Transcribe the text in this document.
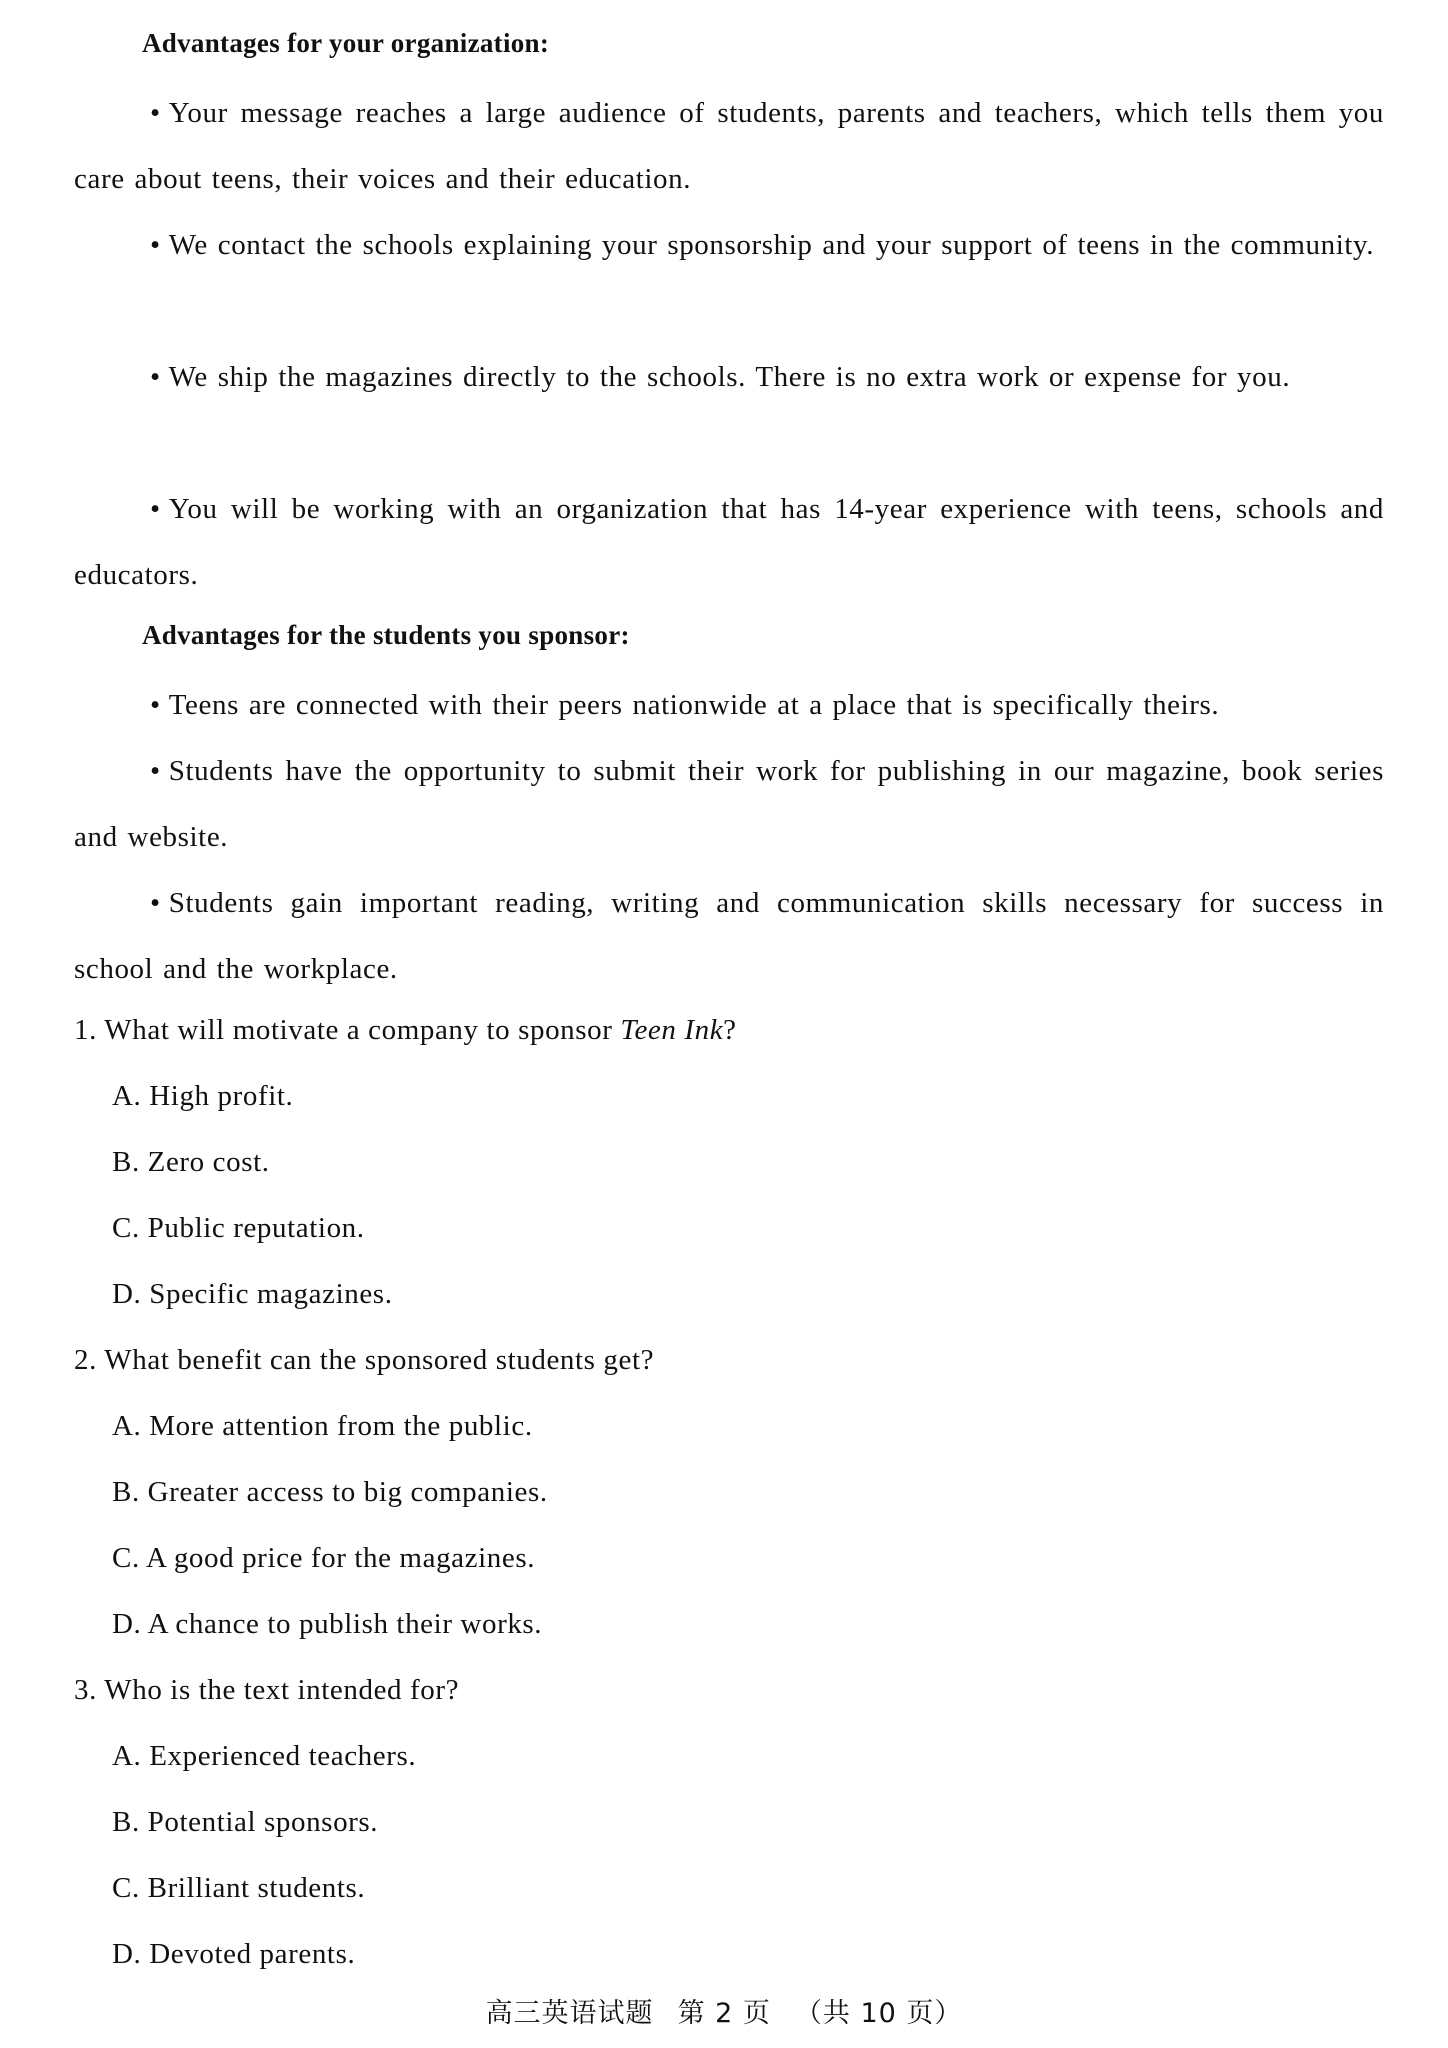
Advantages for your organization:
• Your message reaches a large audience of students, parents and teachers, which tells them you care about teens, their voices and their education.
• We contact the schools explaining your sponsorship and your support of teens in the community.
• We ship the magazines directly to the schools. There is no extra work or expense for you.
• You will be working with an organization that has 14-year experience with teens, schools and educators.
Advantages for the students you sponsor:
• Teens are connected with their peers nationwide at a place that is specifically theirs.
• Students have the opportunity to submit their work for publishing in our magazine, book series and website.
• Students gain important reading, writing and communication skills necessary for success in school and the workplace.
1. What will motivate a company to sponsor Teen Ink?
A. High profit.
B. Zero cost.
C. Public reputation.
D. Specific magazines.
2. What benefit can the sponsored students get?
A. More attention from the public.
B. Greater access to big companies.
C. A good price for the magazines.
D. A chance to publish their works.
3. Who is the text intended for?
A. Experienced teachers.
B. Potential sponsors.
C. Brilliant students.
D. Devoted parents.
高三英语试题 第 2 页 （共 10 页）
